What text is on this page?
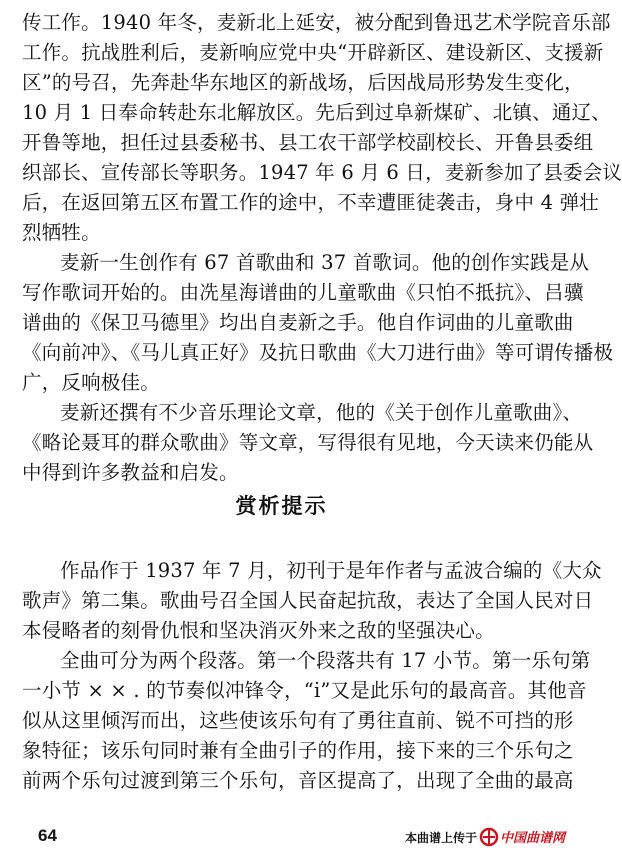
传工作。1940 年冬，麦新北上延安，被分配到鲁迅艺术学院音乐部
工作。抗战胜利后，麦新响应党中央“开辟新区、建设新区、支援新
区”的号召，先奔赴华东地区的新战场，后因战局形势发生变化，
10 月 1 日奉命转赴东北解放区。先后到过阜新煤矿、北镇、通辽、
开鲁等地，担任过县委秘书、县工农干部学校副校长、开鲁县委组
织部长、宣传部长等职务。1947 年 6 月 6 日，麦新参加了县委会议
后，在返回第五区布置工作的途中，不幸遭匪徒袭击，身中 4 弹壮
烈牺牲。
麦新一生创作有 67 首歌曲和 37 首歌词。他的创作实践是从
写作歌词开始的。由冼星海谱曲的儿童歌曲《只怕不抵抗》、吕骥
谱曲的《保卫马德里》均出自麦新之手。他自作词曲的儿童歌曲
《向前冲》、《马儿真正好》及抗日歌曲《大刀进行曲》等可谓传播极
广，反响极佳。
麦新还撰有不少音乐理论文章，他的《关于创作儿童歌曲》、
《略论聂耳的群众歌曲》等文章，写得很有见地，今天读来仍能从
中得到许多教益和启发。
赏析提示
作品作于 1937 年 7 月，初刊于是年作者与孟波合编的《大众
歌声》第二集。歌曲号召全国人民奋起抗敌，表达了全国人民对日
本侵略者的刻骨仇恨和坚决消灭外来之敌的坚强决心。
全曲可分为两个段落。第一个段落共有 17 小节。第一乐句第
一小节 × × . 的节奏似冲锋令，“i̇”又是此乐句的最高音。其他音
似从这里倾泻而出，这些使该乐句有了勇往直前、锐不可挡的形
象特征；该乐句同时兼有全曲引子的作用，接下来的三个乐句之
前两个乐句过渡到第三个乐句，音区提高了，出现了全曲的最高
64	本曲谱上传于 中国曲谱网
